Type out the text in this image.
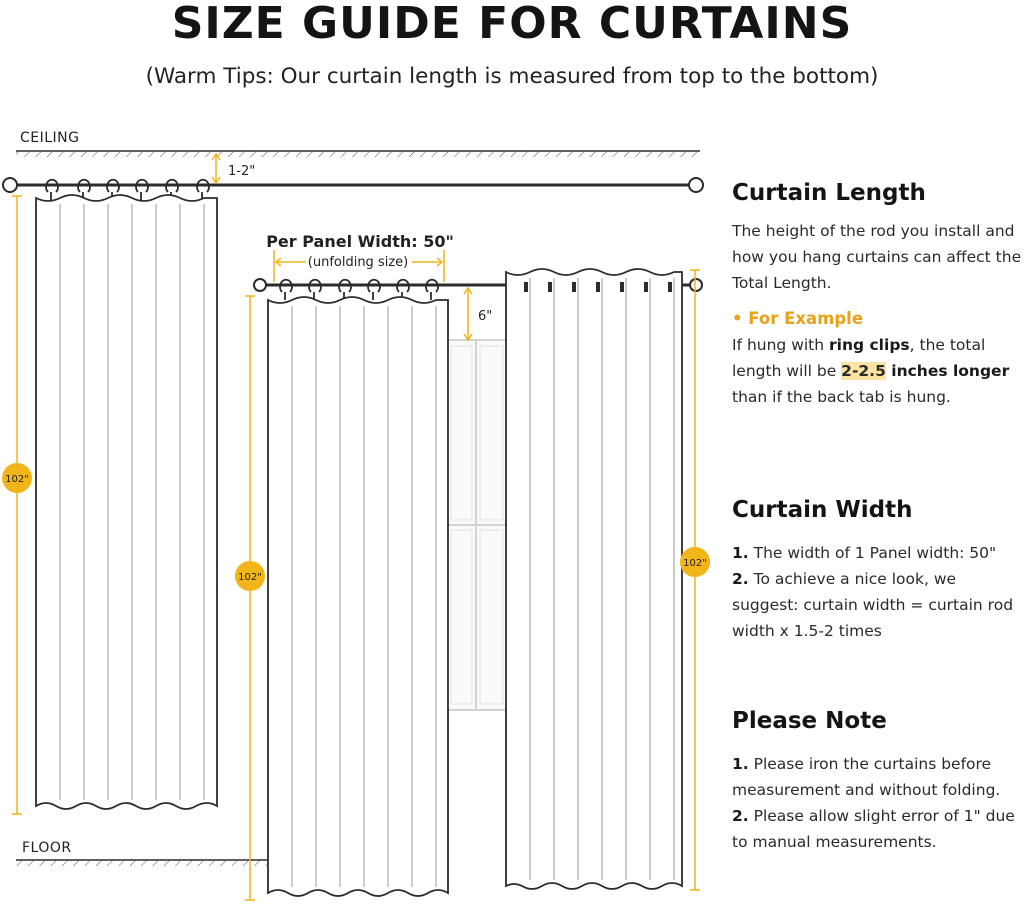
SIZE GUIDE FOR CURTAINS

(Warm Tips: Our curtain length is measured from top to the bottom)

CEILING
FLOOR
1-2"
102"
Per Panel Width: 50"
(unfolding size)
102"
6"
102"
Curtain Length

The height of the rod you install and how you hang curtains can affect the Total Length.

• For Example

If hung with ring clips, the total length will be 2-2.5 inches longer than if the back tab is hung.

Curtain Width

1. The width of 1 Panel width: 50"

2. To achieve a nice look, we suggest: curtain width = curtain rod width x 1.5-2 times

Please Note

1. Please iron the curtains before measurement and without folding.

2. Please allow slight error of 1" due to manual measurements.
